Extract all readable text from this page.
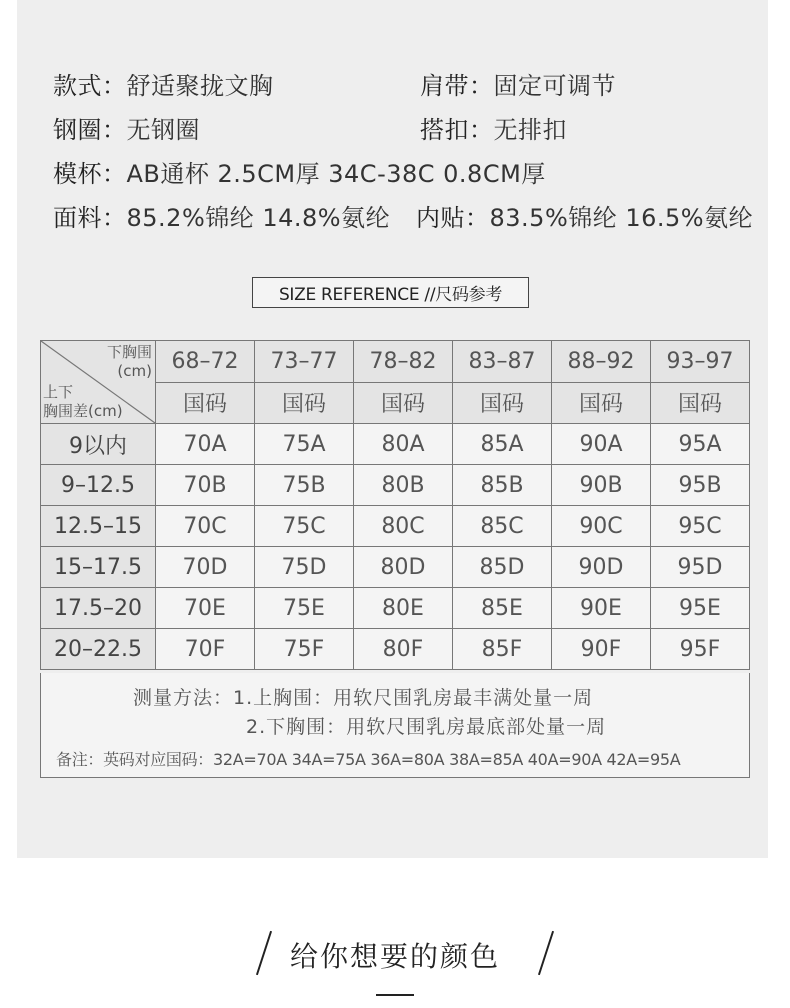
款式：舒适聚拢文胸	肩带：固定可调节
钢圈：无钢圈	搭扣：无排扣
模杯：AB通杯 2.5CM厚 34C-38C 0.8CM厚
面料：85.2%锦纶 14.8%氨纶 内贴：83.5%锦纶 16.5%氨纶
SIZE REFERENCE //尺码参考
下胸围
(cm)
上下
胸围差(cm)	68–72	73–77	78–82	83–87	88–92	93–97
	国码	国码	国码	国码	国码	国码
9以内	70A	75A	80A	85A	90A	95A
9–12.5	70B	75B	80B	85B	90B	95B
12.5–15	70C	75C	80C	85C	90C	95C
15–17.5	70D	75D	80D	85D	90D	95D
17.5–20	70E	75E	80E	85E	90E	95E
20–22.5	70F	75F	80F	85F	90F	95F
测量方法：1.上胸围：用软尺围乳房最丰满处量一周
2.下胸围：用软尺围乳房最底部处量一周
备注：英码对应国码：32A=70A 34A=75A 36A=80A 38A=85A 40A=90A 42A=95A
给你想要的颜色
